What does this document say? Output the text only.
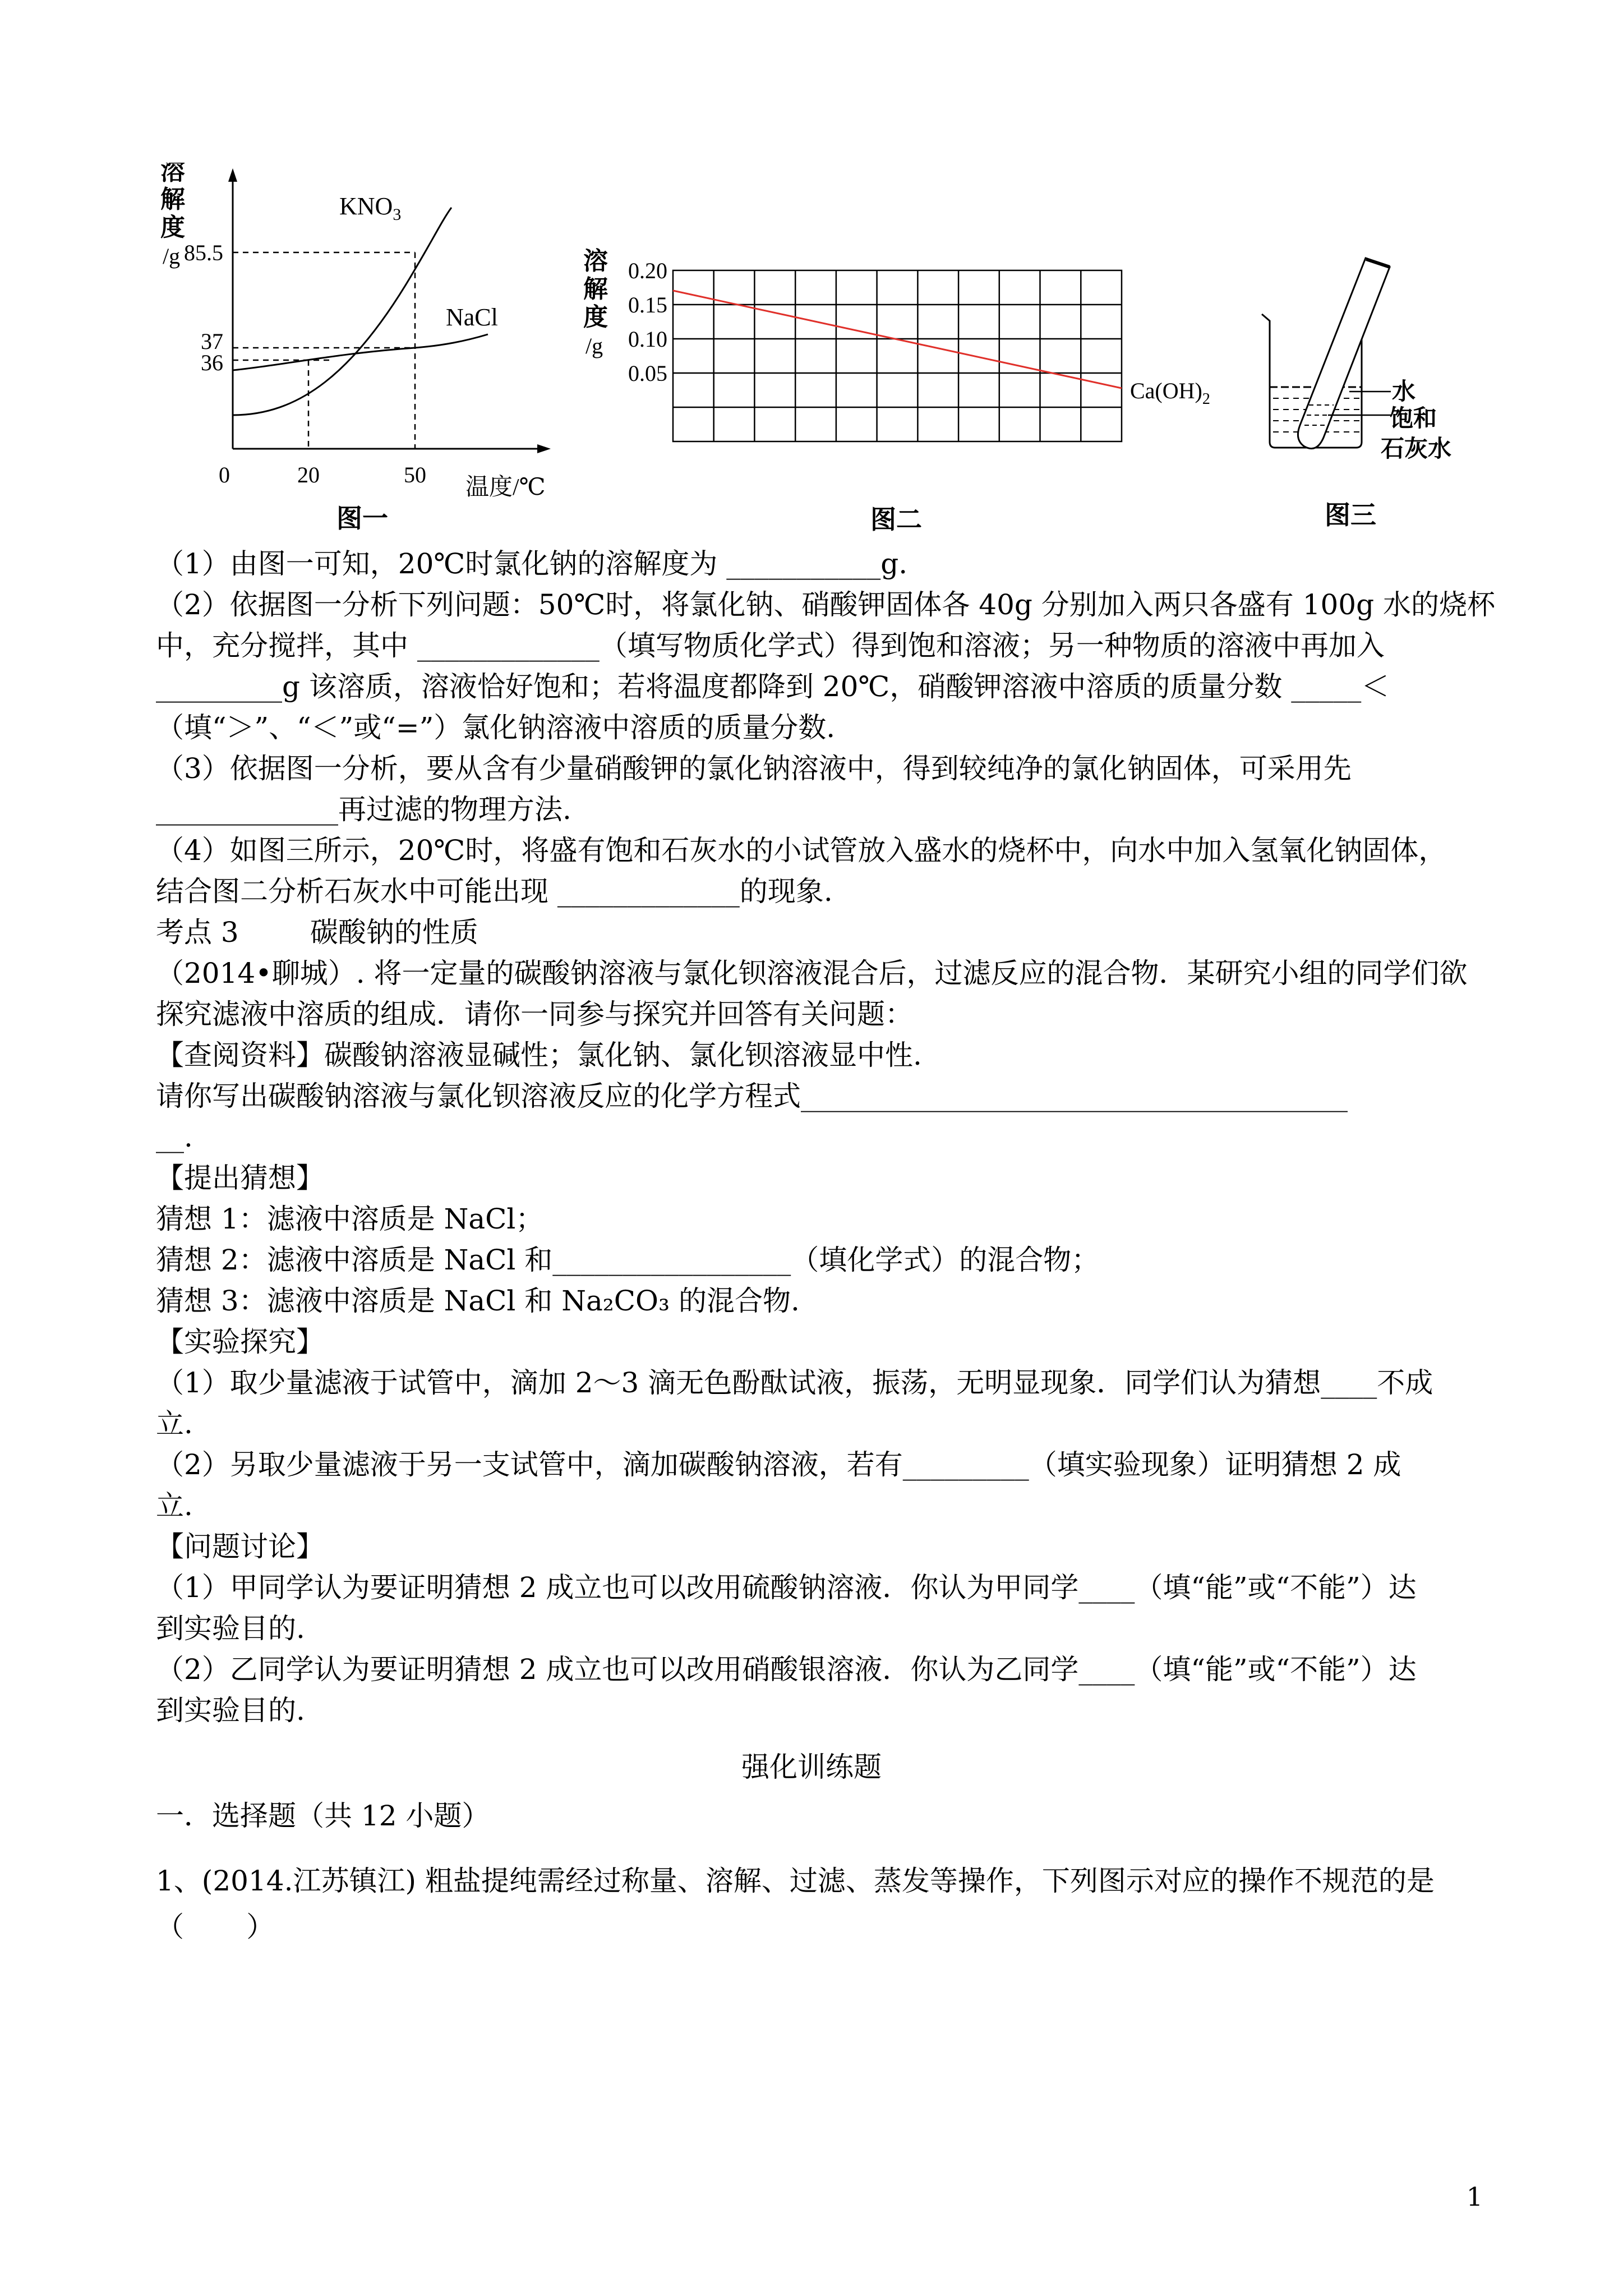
溶
解
度
/g 85.5
37
36
0	20	50 温度/℃
$KNO_3$
NaCl
图一
溶
解
度
/g
0.20
0.15
0.10
0.05
$Ca(OH)_2$
图二
水
饱和
石灰水
图三
（1）由图一可知，20℃时氯化钠的溶解度为 ___________g.
（2）依据图一分析下列问题：50℃时，将氯化钠、硝酸钾固体各 40g 分别加入两只各盛有 100g 水的烧杯
中，充分搅拌，其中 _____________（填写物质化学式）得到饱和溶液；另一种物质的溶液中再加入
_________g 该溶质，溶液恰好饱和；若将温度都降到 20℃，硝酸钾溶液中溶质的质量分数 _____＜
（填“＞”、“＜”或“=”）氯化钠溶液中溶质的质量分数.
（3）依据图一分析，要从含有少量硝酸钾的氯化钠溶液中，得到较纯净的氯化钠固体，可采用先
_____________再过滤的物理方法.
（4）如图三所示，20℃时，将盛有饱和石灰水的小试管放入盛水的烧杯中，向水中加入氢氧化钠固体，
结合图二分析石灰水中可能出现 _____________的现象.
考点 3        碳酸钠的性质
（2014•聊城）. 将一定量的碳酸钠溶液与氯化钡溶液混合后，过滤反应的混合物．某研究小组的同学们欲
探究滤液中溶质的组成．请你一同参与探究并回答有关问题：
【查阅资料】碳酸钠溶液显碱性；氯化钠、氯化钡溶液显中性.
请你写出碳酸钠溶液与氯化钡溶液反应的化学方程式_______________________________________
__.
【提出猜想】
猜想 1：滤液中溶质是 NaCl；
猜想 2：滤液中溶质是 NaCl 和_________________（填化学式）的混合物；
猜想 3：滤液中溶质是 NaCl 和 Na₂CO₃ 的混合物.
【实验探究】
（1）取少量滤液于试管中，滴加 2～3 滴无色酚酞试液，振荡，无明显现象．同学们认为猜想____不成
立.
（2）另取少量滤液于另一支试管中，滴加碳酸钠溶液，若有_________（填实验现象）证明猜想 2 成
立.
【问题讨论】
（1）甲同学认为要证明猜想 2 成立也可以改用硫酸钠溶液．你认为甲同学____（填“能”或“不能”）达
到实验目的.
（2）乙同学认为要证明猜想 2 成立也可以改用硝酸银溶液．你认为乙同学____（填“能”或“不能”）达
到实验目的.
强化训练题
一．选择题（共 12 小题）
1、(2014.江苏镇江) 粗盐提纯需经过称量、溶解、过滤、蒸发等操作，下列图示对应的操作不规范的是
（       ）
1
